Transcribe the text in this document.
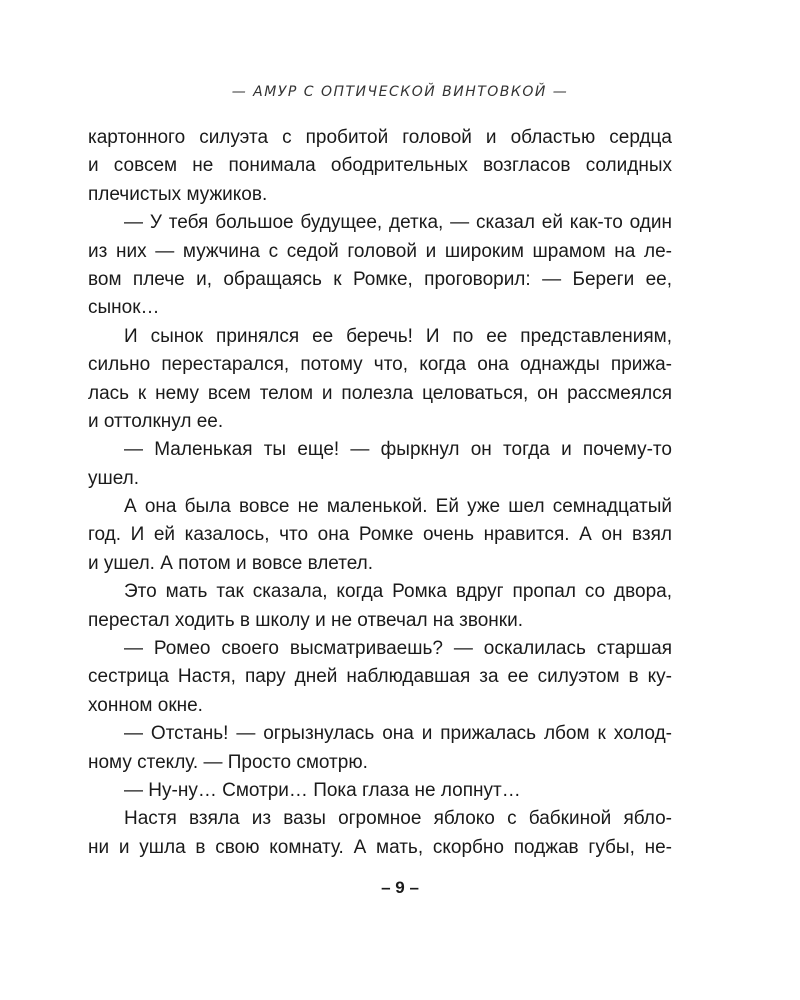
— АМУР С ОПТИЧЕСКОЙ ВИНТОВКОЙ —
картонного силуэта с пробитой головой и областью сердца
и совсем не понимала ободрительных возгласов солидных
плечистых мужиков.
— У тебя большое будущее, детка, — сказал ей как-то один
из них — мужчина с седой головой и широким шрамом на ле-
вом плече и, обращаясь к Ромке, проговорил: — Береги ее,
сынок…
И сынок принялся ее беречь! И по ее представлениям,
сильно перестарался, потому что, когда она однажды прижа-
лась к нему всем телом и полезла целоваться, он рассмеялся
и оттолкнул ее.
— Маленькая ты еще! — фыркнул он тогда и почему-то
ушел.
А она была вовсе не маленькой. Ей уже шел семнадцатый
год. И ей казалось, что она Ромке очень нравится. А он взял
и ушел. А потом и вовсе влетел.
Это мать так сказала, когда Ромка вдруг пропал со двора,
перестал ходить в школу и не отвечал на звонки.
— Ромео своего высматриваешь? — оскалилась старшая
сестрица Настя, пару дней наблюдавшая за ее силуэтом в ку-
хонном окне.
— Отстань! — огрызнулась она и прижалась лбом к холод-
ному стеклу. — Просто смотрю.
— Ну-ну… Смотри… Пока глаза не лопнут…
Настя взяла из вазы огромное яблоко с бабкиной ябло-
ни и ушла в свою комнату. А мать, скорбно поджав губы, не-
– 9 –
